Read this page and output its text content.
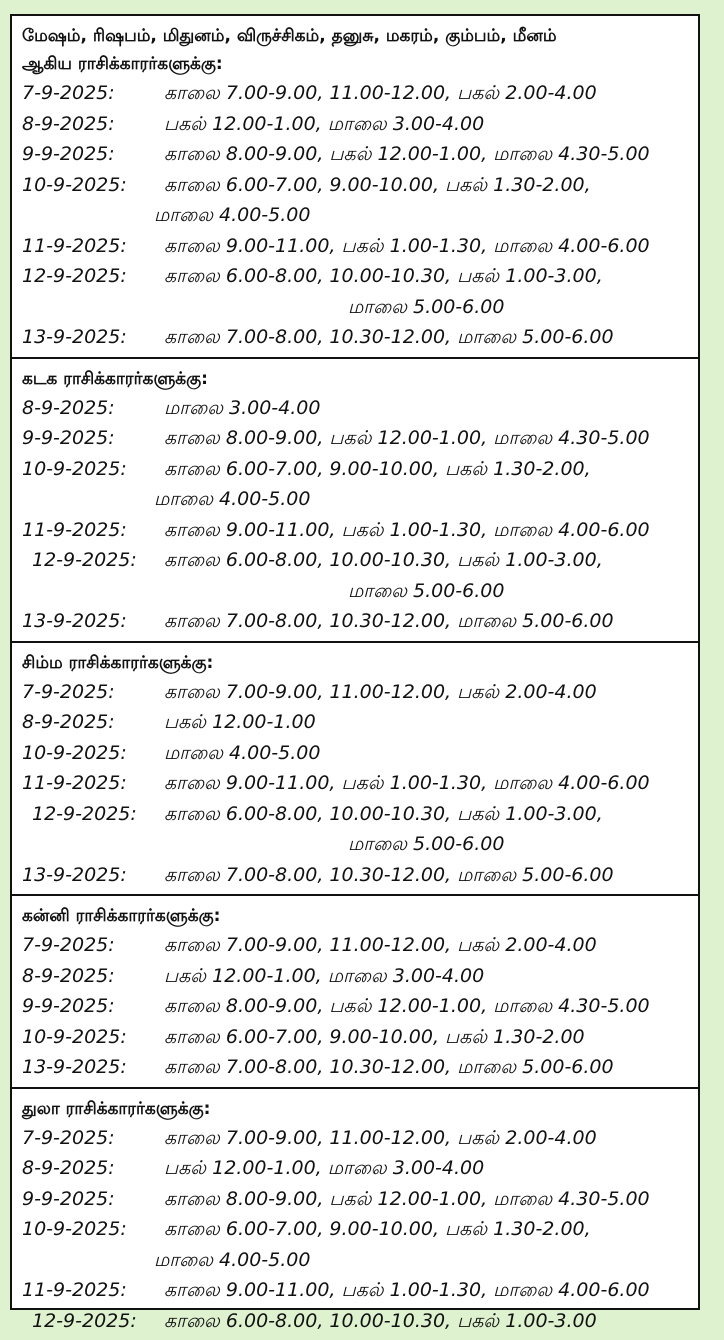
மேஷம், ரிஷபம், மிதுனம், விருச்சிகம், தனுசு, மகரம், கும்பம், மீனம்
ஆகிய ராசிக்காரர்களுக்கு:
7-9-2025:	காலை 7.00-9.00, 11.00-12.00, பகல் 2.00-4.00
8-9-2025:	பகல் 12.00-1.00, மாலை 3.00-4.00
9-9-2025:	காலை 8.00-9.00, பகல் 12.00-1.00, மாலை 4.30-5.00
10-9-2025:	காலை 6.00-7.00, 9.00-10.00, பகல் 1.30-2.00,
மாலை 4.00-5.00
11-9-2025:	காலை 9.00-11.00, பகல் 1.00-1.30, மாலை 4.00-6.00
12-9-2025:	காலை 6.00-8.00, 10.00-10.30, பகல் 1.00-3.00,
மாலை 5.00-6.00
13-9-2025:	காலை 7.00-8.00, 10.30-12.00, மாலை 5.00-6.00
கடக ராசிக்காரர்களுக்கு:
8-9-2025:	மாலை 3.00-4.00
9-9-2025:	காலை 8.00-9.00, பகல் 12.00-1.00, மாலை 4.30-5.00
10-9-2025:	காலை 6.00-7.00, 9.00-10.00, பகல் 1.30-2.00,
மாலை 4.00-5.00
11-9-2025:	காலை 9.00-11.00, பகல் 1.00-1.30, மாலை 4.00-6.00
12-9-2025:	காலை 6.00-8.00, 10.00-10.30, பகல் 1.00-3.00,
மாலை 5.00-6.00
13-9-2025:	காலை 7.00-8.00, 10.30-12.00, மாலை 5.00-6.00
சிம்ம ராசிக்காரர்களுக்கு:
7-9-2025:	காலை 7.00-9.00, 11.00-12.00, பகல் 2.00-4.00
8-9-2025:	பகல் 12.00-1.00
10-9-2025:	மாலை 4.00-5.00
11-9-2025:	காலை 9.00-11.00, பகல் 1.00-1.30, மாலை 4.00-6.00
12-9-2025:	காலை 6.00-8.00, 10.00-10.30, பகல் 1.00-3.00,
மாலை 5.00-6.00
13-9-2025:	காலை 7.00-8.00, 10.30-12.00, மாலை 5.00-6.00
கன்னி ராசிக்காரர்களுக்கு:
7-9-2025:	காலை 7.00-9.00, 11.00-12.00, பகல் 2.00-4.00
8-9-2025:	பகல் 12.00-1.00, மாலை 3.00-4.00
9-9-2025:	காலை 8.00-9.00, பகல் 12.00-1.00, மாலை 4.30-5.00
10-9-2025:	காலை 6.00-7.00, 9.00-10.00, பகல் 1.30-2.00
13-9-2025:	காலை 7.00-8.00, 10.30-12.00, மாலை 5.00-6.00
துலா ராசிக்காரர்களுக்கு:
7-9-2025:	காலை 7.00-9.00, 11.00-12.00, பகல் 2.00-4.00
8-9-2025:	பகல் 12.00-1.00, மாலை 3.00-4.00
9-9-2025:	காலை 8.00-9.00, பகல் 12.00-1.00, மாலை 4.30-5.00
10-9-2025:	காலை 6.00-7.00, 9.00-10.00, பகல் 1.30-2.00,
மாலை 4.00-5.00
11-9-2025:	காலை 9.00-11.00, பகல் 1.00-1.30, மாலை 4.00-6.00
12-9-2025:	காலை 6.00-8.00, 10.00-10.30, பகல் 1.00-3.00
